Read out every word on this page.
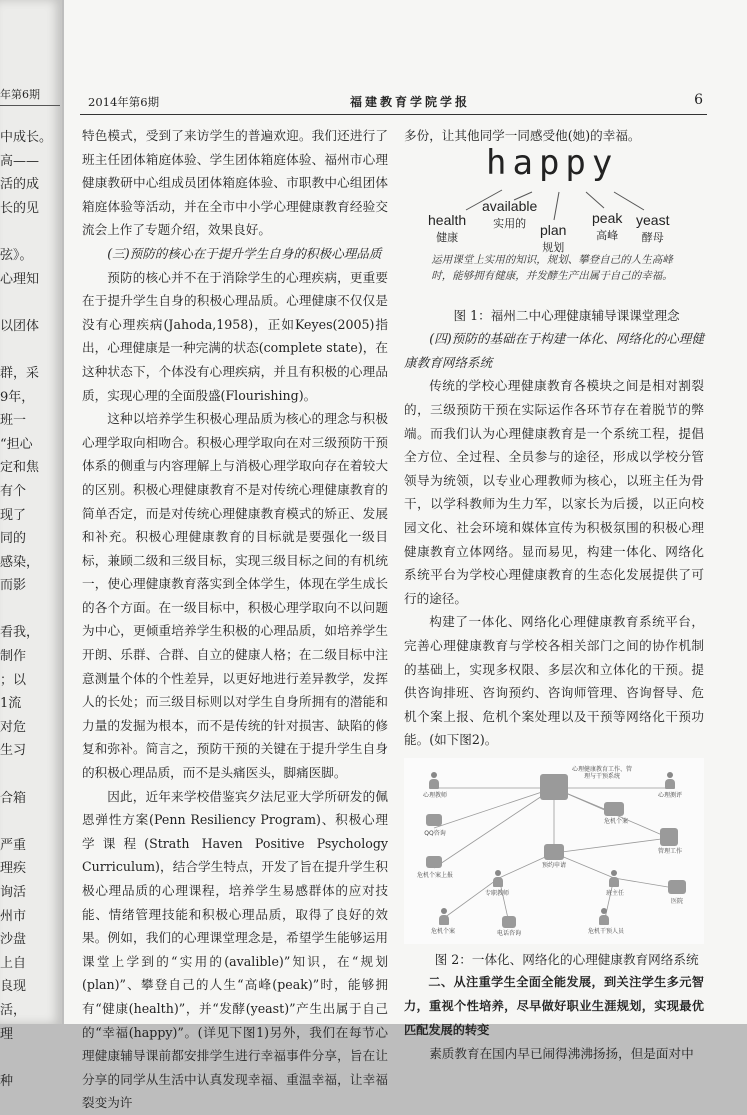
年第6期
中成长。
高——
活的成
长的见
弦》。
心理知
以团体
群，采
9年，
班一
“担心
定和焦
有个
现了
同的
感染，
而影
看我，
制作
；以
1流
对危
生习
合箱
严重
理疾
询活
州市
沙盘
上自
良现
活，
理
种
2014年第6期	福建教育学院学报	6

特色模式，受到了来访学生的普遍欢迎。我们还进行了班主任团体箱庭体验、学生团体箱庭体验、福州市心理健康教研中心组成员团体箱庭体验、市职教中心组团体箱庭体验等活动，并在全市中小学心理健康教育经验交流会上作了专题介绍，效果良好。

(三)预防的核心在于提升学生自身的积极心理品质

预防的核心并不在于消除学生的心理疾病，更重要在于提升学生自身的积极心理品质。心理健康不仅仅是没有心理疾病(Jahoda,1958)，正如Keyes(2005)指出，心理健康是一种完满的状态(complete state)，在这种状态下，个体没有心理疾病，并且有积极的心理品质，实现心理的全面殷盛(Flourishing)。

这种以培养学生积极心理品质为核心的理念与积极心理学取向相吻合。积极心理学取向在对三级预防干预体系的侧重与内容理解上与消极心理学取向存在着较大的区别。积极心理健康教育不是对传统心理健康教育的简单否定，而是对传统心理健康教育模式的矫正、发展和补充。积极心理健康教育的目标就是要强化一级目标，兼顾二级和三级目标，实现三级目标之间的有机统一，使心理健康教育落实到全体学生，体现在学生成长的各个方面。在一级目标中，积极心理学取向不以问题为中心，更倾重培养学生积极的心理品质，如培养学生开朗、乐群、合群、自立的健康人格；在二级目标中注意测量个体的个性差异，以更好地进行差异教学，发挥人的长处；而三级目标则以对学生自身所拥有的潜能和力量的发掘为根本，而不是传统的针对损害、缺陷的修复和弥补。简言之，预防干预的关键在于提升学生自身的积极心理品质，而不是头痛医头，脚痛医脚。

因此，近年来学校借鉴宾夕法尼亚大学所研发的佩恩弹性方案(Penn Resiliency Program)、积极心理学课程(Strath Haven Positive Psychology Curriculum)，结合学生特点，开发了旨在提升学生积极心理品质的心理课程，培养学生易感群体的应对技能、情绪管理技能和积极心理品质，取得了良好的效果。例如，我们的心理课堂理念是，希望学生能够运用课堂上学到的“实用的(avalible)”知识，在“规划(plan)”、攀登自己的人生“高峰(peak)”时，能够拥有“健康(health)”，并“发酵(yeast)”产生出属于自己的“幸福(happy)”。(详见下图1)另外，我们在每节心理健康辅导课前都安排学生进行幸福事件分享，旨在让分享的同学从生活中认真发现幸福、重温幸福，让幸福裂变为许

多份，让其他同学一同感受他(她)的幸福。

happy
health
健康
available
实用的 plan
规划
peak
高峰
yeast
酵母
运用课堂上实用的知识，规划、攀登自己的人生高峰时，能够拥有健康，并发酵生产出属于自己的幸福。

图 1：福州二中心理健康辅导课课堂理念

(四)预防的基础在于构建一体化、网络化的心理健康教育网络系统

传统的学校心理健康教育各模块之间是相对割裂的，三级预防干预在实际运作各环节存在着脱节的弊端。而我们认为心理健康教育是一个系统工程，提倡全方位、全过程、全员参与的途径，形成以学校分管领导为统领，以专业心理教师为核心，以班主任为骨干，以学科教师为生力军，以家长为后援，以正向校园文化、社会环境和媒体宣传为积极氛围的积极心理健康教育立体网络。显而易见，构建一体化、网络化系统平台为学校心理健康教育的生态化发展提供了可行的途径。

构建了一体化、网络化心理健康教育系统平台，完善心理健康教育与学校各相关部门之间的协作机制的基础上，实现多权限、多层次和立体化的干预。提供咨询排班、咨询预约、咨询师管理、咨询督导、危机个案上报、危机个案处理以及干预等网络化干预功能。(如下图2)。

心理健康教育工作、管理与干预系统
心理教师
QQ咨询
危机个案上报
危机个案
心理测评
管理工作
预约申请
专职教师	班主任
医院
危机个案	电话咨询	危机干预人员

图 2：一体化、网络化的心理健康教育网络系统

二、从注重学生全面全能发展，到关注学生多元智力，重视个性培养，尽早做好职业生涯规划，实现最优匹配发展的转变

素质教育在国内早已闹得沸沸扬扬，但是面对中
